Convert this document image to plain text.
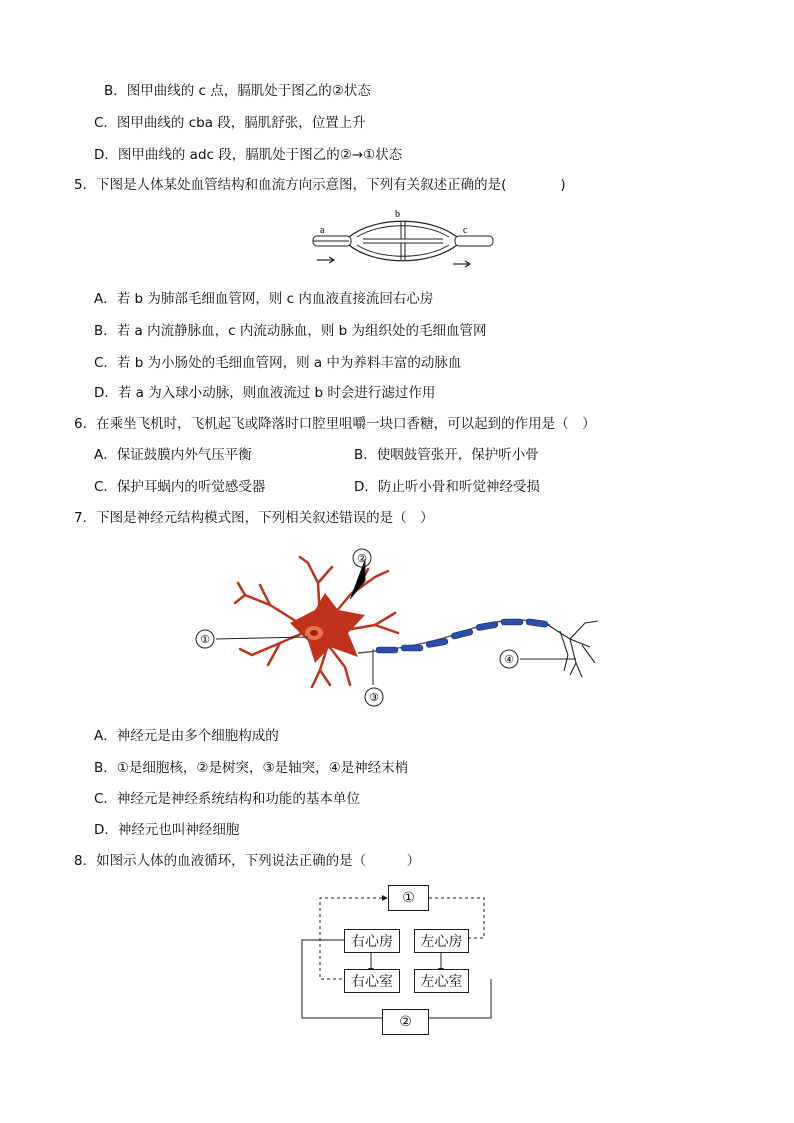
B．图甲曲线的 c 点，膈肌处于图乙的②状态
C．图甲曲线的 cba 段，膈肌舒张，位置上升
D．图甲曲线的 adc 段，膈肌处于图乙的②→①状态
5．下图是人体某处血管结构和血流方向示意图，下列有关叙述正确的是(　　　　)
a
b
c
A．若 b 为肺部毛细血管网，则 c 内血液直接流回右心房
B．若 a 内流静脉血，c 内流动脉血，则 b 为组织处的毛细血管网
C．若 b 为小肠处的毛细血管网，则 a 中为养料丰富的动脉血
D．若 a 为入球小动脉，则血液流过 b 时会进行滤过作用
6．在乘坐飞机时，飞机起飞或降落时口腔里咀嚼一块口香糖，可以起到的作用是（　）
A．保证鼓膜内外气压平衡	B．使咽鼓管张开，保护听小骨
C．保护耳蜗内的听觉感受器	D．防止听小骨和听觉神经受损
7．下图是神经元结构模式图，下列相关叙述错误的是（　）
①
②
③
④
A．神经元是由多个细胞构成的
B．①是细胞核，②是树突，③是轴突，④是神经末梢
C．神经元是神经系统结构和功能的基本单位
D．神经元也叫神经细胞
8．如图示人体的血液循环，下列说法正确的是（　　　）
①
右心房	左心房
右心室	左心室
②
